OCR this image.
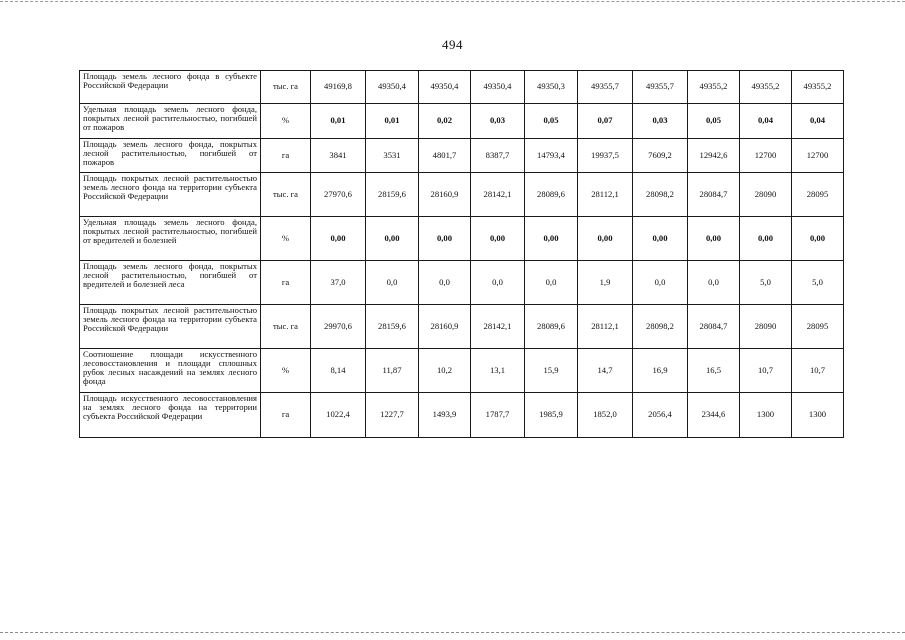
494
Площадь земель лесного фонда в субъекте Российской Федерации	тыс. га	49169,8	49350,4	49350,4	49350,4	49350,3	49355,7	49355,7	49355,2	49355,2	49355,2
Удельная площадь земель лесного фонда, покрытых лесной растительностью, погибшей от пожаров	%	0,01	0,01	0,02	0,03	0,05	0,07	0,03	0,05	0,04	0,04
Площадь земель лесного фонда, покрытых лесной растительностью, погибшей от пожаров	га	3841	3531	4801,7	8387,7	14793,4	19937,5	7609,2	12942,6	12700	12700
Площадь покрытых лесной растительностью земель лесного фонда на территории субъекта Российской Федерации	тыс. га	27970,6	28159,6	28160,9	28142,1	28089,6	28112,1	28098,2	28084,7	28090	28095
Удельная площадь земель лесного фонда, покрытых лесной растительностью, погибшей от вредителей и болезней	%	0,00	0,00	0,00	0,00	0,00	0,00	0,00	0,00	0,00	0,00
Площадь земель лесного фонда, покрытых лесной растительностью, погибшей от вредителей и болезней леса	га	37,0	0,0	0,0	0,0	0,0	1,9	0,0	0,0	5,0	5,0
Площадь покрытых лесной растительностью земель лесного фонда на территории субъекта Российской Федерации	тыс. га	29970,6	28159,6	28160,9	28142,1	28089,6	28112,1	28098,2	28084,7	28090	28095
Соотношение площади искусственного лесовосстановления и площади сплошных рубок лесных насаждений на землях лесного фонда	%	8,14	11,87	10,2	13,1	15,9	14,7	16,9	16,5	10,7	10,7
Площадь искусственного лесовосстановления на землях лесного фонда на территории субъекта Российской Федерации	га	1022,4	1227,7	1493,9	1787,7	1985,9	1852,0	2056,4	2344,6	1300	1300
